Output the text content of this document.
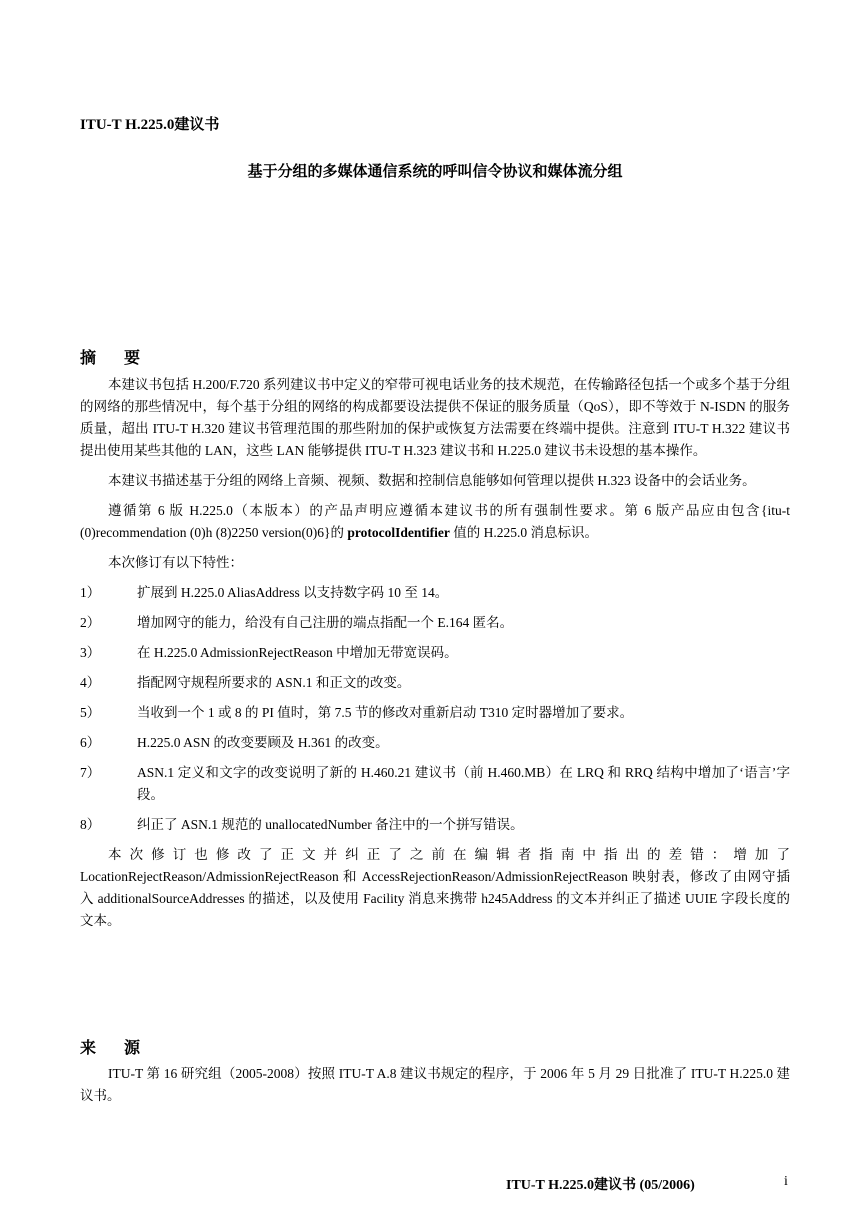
ITU-T H.225.0建议书
基于分组的多媒体通信系统的呼叫信令协议和媒体流分组
摘 要

本建议书包括 H.200/F.720 系列建议书中定义的窄带可视电话业务的技术规范，在传输路径包括一个或多个基于分组的网络的那些情况中，每个基于分组的网络的构成都要设法提供不保证的服务质量（QoS），即不等效于 N-ISDN 的服务质量，超出 ITU-T H.320 建议书管理范围的那些附加的保护或恢复方法需要在终端中提供。注意到 ITU-T H.322 建议书提出使用某些其他的 LAN，这些 LAN 能够提供 ITU-T H.323 建议书和 H.225.0 建议书未设想的基本操作。

本建议书描述基于分组的网络上音频、视频、数据和控制信息能够如何管理以提供 H.323 设备中的会话业务。

遵循第 6 版 H.225.0（本版本）的产品声明应遵循本建议书的所有强制性要求。第 6 版产品应由包含{itu-t (0)recommendation (0)h (8)2250 version(0)6}的 protocolIdentifier 值的 H.225.0 消息标识。

本次修订有以下特性：

1）	扩展到 H.225.0 AliasAddress 以支持数字码 10 至 14。
2）	增加网守的能力，给没有自己注册的端点指配一个 E.164 匿名。
3）	在 H.225.0 AdmissionRejectReason 中增加无带宽误码。
4）	指配网守规程所要求的 ASN.1 和正文的改变。
5）	当收到一个 1 或 8 的 PI 值时，第 7.5 节的修改对重新启动 T310 定时器增加了要求。
6）	H.225.0 ASN 的改变要顾及 H.361 的改变。
7）	ASN.1 定义和文字的改变说明了新的 H.460.21 建议书（前 H.460.MB）在 LRQ 和 RRQ 结构中增加了‘语言’字段。
8）	纠正了 ASN.1 规范的 unallocatedNumber 备注中的一个拼写错误。

本次修订也修改了正文并纠正了之前在编辑者指南中指出的差错：增加了 LocationRejectReason/AdmissionRejectReason 和 AccessRejectionReason/AdmissionRejectReason 映射表，修改了由网守插入 additionalSourceAddresses 的描述，以及使用 Facility 消息来携带 h245Address 的文本并纠正了描述 UUIE 字段长度的文本。

来 源

ITU-T 第 16 研究组（2005-2008）按照 ITU-T A.8 建议书规定的程序，于 2006 年 5 月 29 日批准了 ITU-T H.225.0 建议书。

ITU-T H.225.0建议书 (05/2006)	i
